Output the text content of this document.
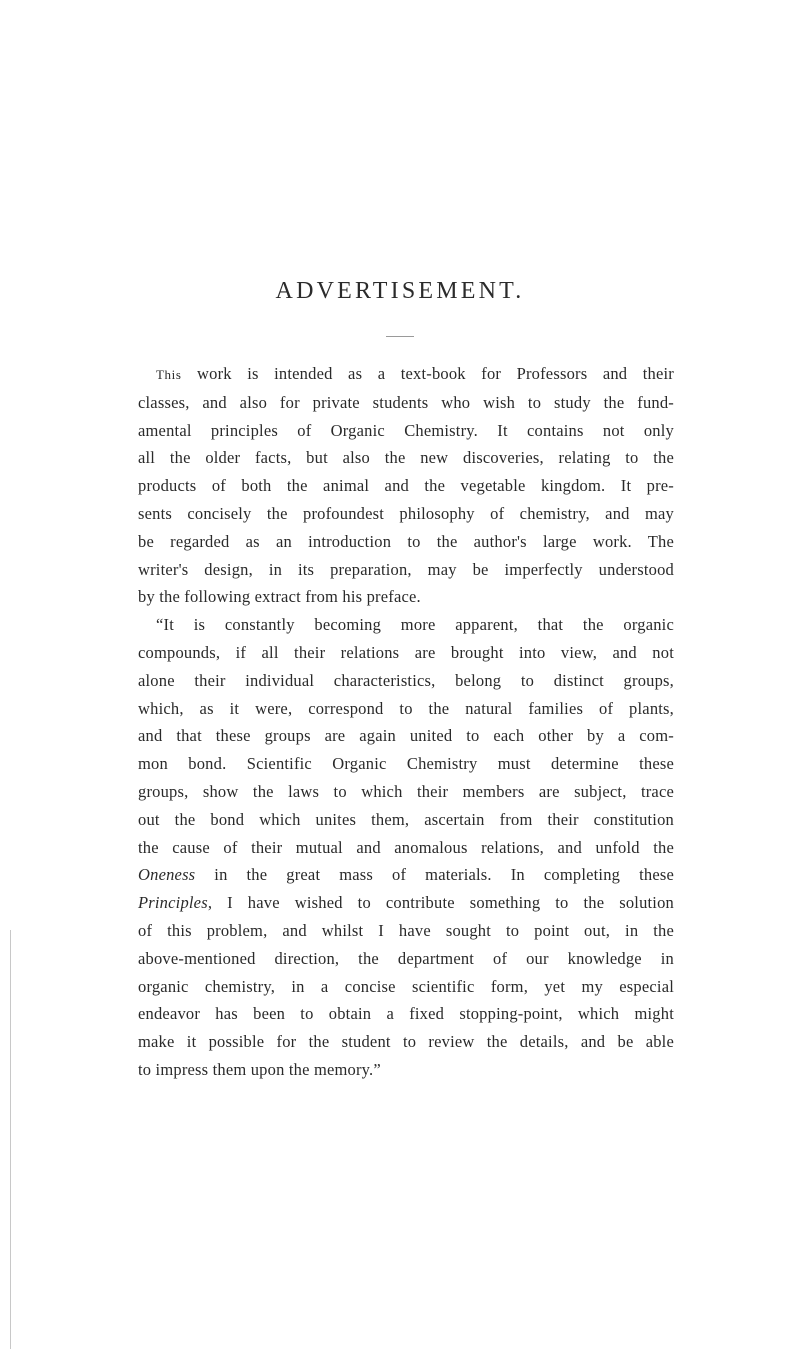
ADVERTISEMENT.
This work is intended as a text-book for Professors and their
classes, and also for private students who wish to study the fund-
amental principles of Organic Chemistry. It contains not only
all the older facts, but also the new discoveries, relating to the
products of both the animal and the vegetable kingdom. It pre-
sents concisely the profoundest philosophy of chemistry, and may
be regarded as an introduction to the author's large work. The
writer's design, in its preparation, may be imperfectly understood
by the following extract from his preface.
“It is constantly becoming more apparent, that the organic
compounds, if all their relations are brought into view, and not
alone their individual characteristics, belong to distinct groups,
which, as it were, correspond to the natural families of plants,
and that these groups are again united to each other by a com-
mon bond. Scientific Organic Chemistry must determine these
groups, show the laws to which their members are subject, trace
out the bond which unites them, ascertain from their constitution
the cause of their mutual and anomalous relations, and unfold the
Oneness in the great mass of materials. In completing these
Principles, I have wished to contribute something to the solution
of this problem, and whilst I have sought to point out, in the
above-mentioned direction, the department of our knowledge in
organic chemistry, in a concise scientific form, yet my especial
endeavor has been to obtain a fixed stopping-point, which might
make it possible for the student to review the details, and be able
to impress them upon the memory.”
